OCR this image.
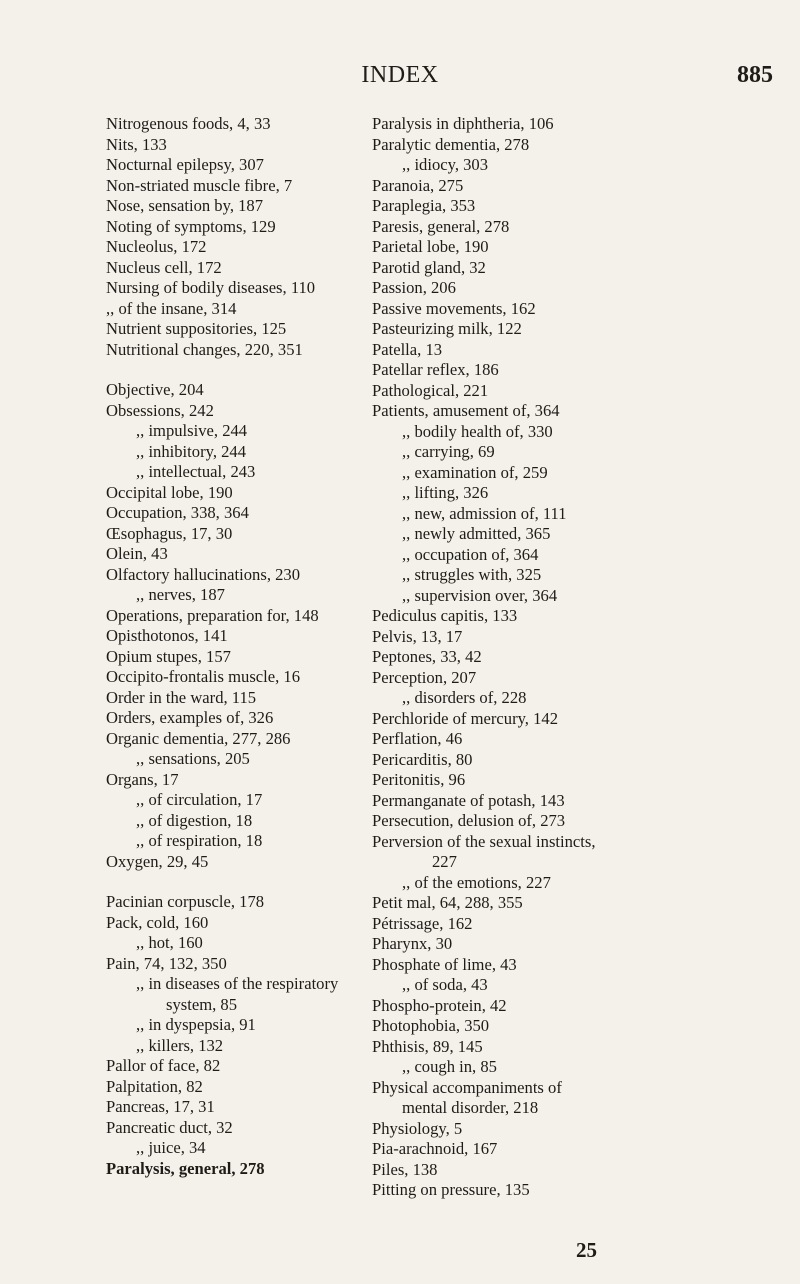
INDEX	885
Nitrogenous foods, 4, 33
Nits, 133
Nocturnal epilepsy, 307
Non-striated muscle fibre, 7
Nose, sensation by, 187
Noting of symptoms, 129
Nucleolus, 172
Nucleus cell, 172
Nursing of bodily diseases, 110
,, of the insane, 314
Nutrient suppositories, 125
Nutritional changes, 220, 351
Objective, 204
Obsessions, 242
,, impulsive, 244
,, inhibitory, 244
,, intellectual, 243
Occipital lobe, 190
Occupation, 338, 364
Œsophagus, 17, 30
Olein, 43
Olfactory hallucinations, 230
,, nerves, 187
Operations, preparation for, 148
Opisthotonos, 141
Opium stupes, 157
Occipito-frontalis muscle, 16
Order in the ward, 115
Orders, examples of, 326
Organic dementia, 277, 286
,, sensations, 205
Organs, 17
,, of circulation, 17
,, of digestion, 18
,, of respiration, 18
Oxygen, 29, 45
Pacinian corpuscle, 178
Pack, cold, 160
,, hot, 160
Pain, 74, 132, 350
,, in diseases of the respiratory
system, 85
,, in dyspepsia, 91
,, killers, 132
Pallor of face, 82
Palpitation, 82
Pancreas, 17, 31
Pancreatic duct, 32
,, juice, 34
Paralysis, general, 278
Paralysis in diphtheria, 106
Paralytic dementia, 278
,, idiocy, 303
Paranoia, 275
Paraplegia, 353
Paresis, general, 278
Parietal lobe, 190
Parotid gland, 32
Passion, 206
Passive movements, 162
Pasteurizing milk, 122
Patella, 13
Patellar reflex, 186
Pathological, 221
Patients, amusement of, 364
,, bodily health of, 330
,, carrying, 69
,, examination of, 259
,, lifting, 326
,, new, admission of, 111
,, newly admitted, 365
,, occupation of, 364
,, struggles with, 325
,, supervision over, 364
Pediculus capitis, 133
Pelvis, 13, 17
Peptones, 33, 42
Perception, 207
,, disorders of, 228
Perchloride of mercury, 142
Perflation, 46
Pericarditis, 80
Peritonitis, 96
Permanganate of potash, 143
Persecution, delusion of, 273
Perversion of the sexual instincts,
227
,, of the emotions, 227
Petit mal, 64, 288, 355
Pétrissage, 162
Pharynx, 30
Phosphate of lime, 43
,, of soda, 43
Phospho-protein, 42
Photophobia, 350
Phthisis, 89, 145
,, cough in, 85
Physical accompaniments of
mental disorder, 218
Physiology, 5
Pia-arachnoid, 167
Piles, 138
Pitting on pressure, 135
25
